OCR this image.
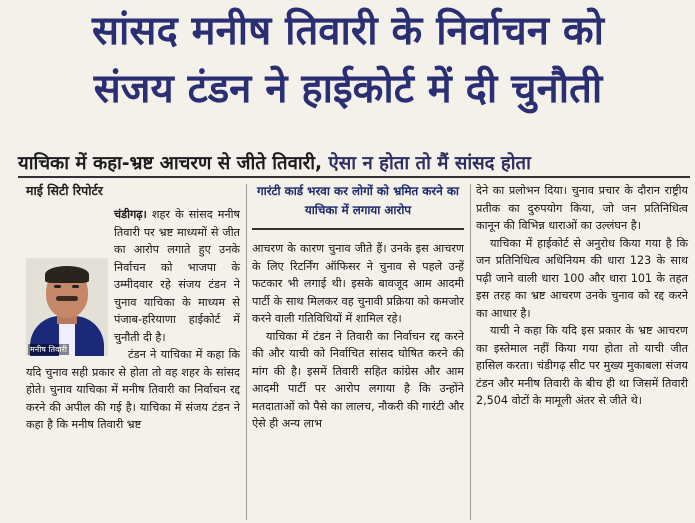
सांसद मनीष तिवारी के निर्वाचन को
संजय टंडन ने हाईकोर्ट में दी चुनौती
याचिका में कहा-भ्रष्ट आचरण से जीते तिवारी, ऐसा न होता तो मैं सांसद होता
माई सिटी रिपोर्टर

चंडीगढ़। शहर के सांसद मनीष तिवारी पर भ्रष्ट माध्यमों से जीत का आरोप लगाते हुए उनके निर्वाचन को भाजपा के उम्मीदवार रहे संजय टंडन ने चुनाव याचिका के माध्यम से पंजाब-हरियाणा हाईकोर्ट में चुनौती दी है।

टंडन ने याचिका में कहा कि यदि चुनाव सही प्रकार से होता तो वह शहर के सांसद होते। चुनाव याचिका में मनीष तिवारी का निर्वाचन रद्द करने की अपील की गई है। याचिका में संजय टंडन ने कहा है कि मनीष तिवारी भ्रष्ट

गारंटी कार्ड भरवा कर लोगों को भ्रमित करने का याचिका में लगाया आरोप

आचरण के कारण चुनाव जीते हैं। उनके इस आचरण के लिए रिटर्निंग ऑफिसर ने चुनाव से पहले उन्हें फटकार भी लगाई थी। इसके बावजूद आम आदमी पार्टी के साथ मिलकर वह चुनावी प्रक्रिया को कमजोर करने वाली गतिविधियों में शामिल रहे।

याचिका में टंडन ने तिवारी का निर्वाचन रद्द करने की और याची को निर्वाचित सांसद घोषित करने की मांग की है। इसमें तिवारी सहित कांग्रेस और आम आदमी पार्टी पर आरोप लगाया है कि उन्होंने मतदाताओं को पैसे का लालच, नौकरी की गारंटी और ऐसे ही अन्य लाभ

देने का प्रलोभन दिया। चुनाव प्रचार के दौरान राष्ट्रीय प्रतीक का दुरुपयोग किया, जो जन प्रतिनिधित्व कानून की विभिन्न धाराओं का उल्लंघन है।

याचिका में हाईकोर्ट से अनुरोध किया गया है कि जन प्रतिनिधित्व अधिनियम की धारा 123 के साथ पढ़ी जाने वाली धारा 100 और धारा 101 के तहत इस तरह का भ्रष्ट आचरण उनके चुनाव को रद्द करने का आधार है।

याची ने कहा कि यदि इस प्रकार के भ्रष्ट आचरण का इस्तेमाल नहीं किया गया होता तो याची जीत हासिल करता। चंडीगढ़ सीट पर मुख्य मुकाबला संजय टंडन और मनीष तिवारी के बीच ही था जिसमें तिवारी 2,504 वोटों के मामूली अंतर से जीते थे।

मनीष तिवारी
